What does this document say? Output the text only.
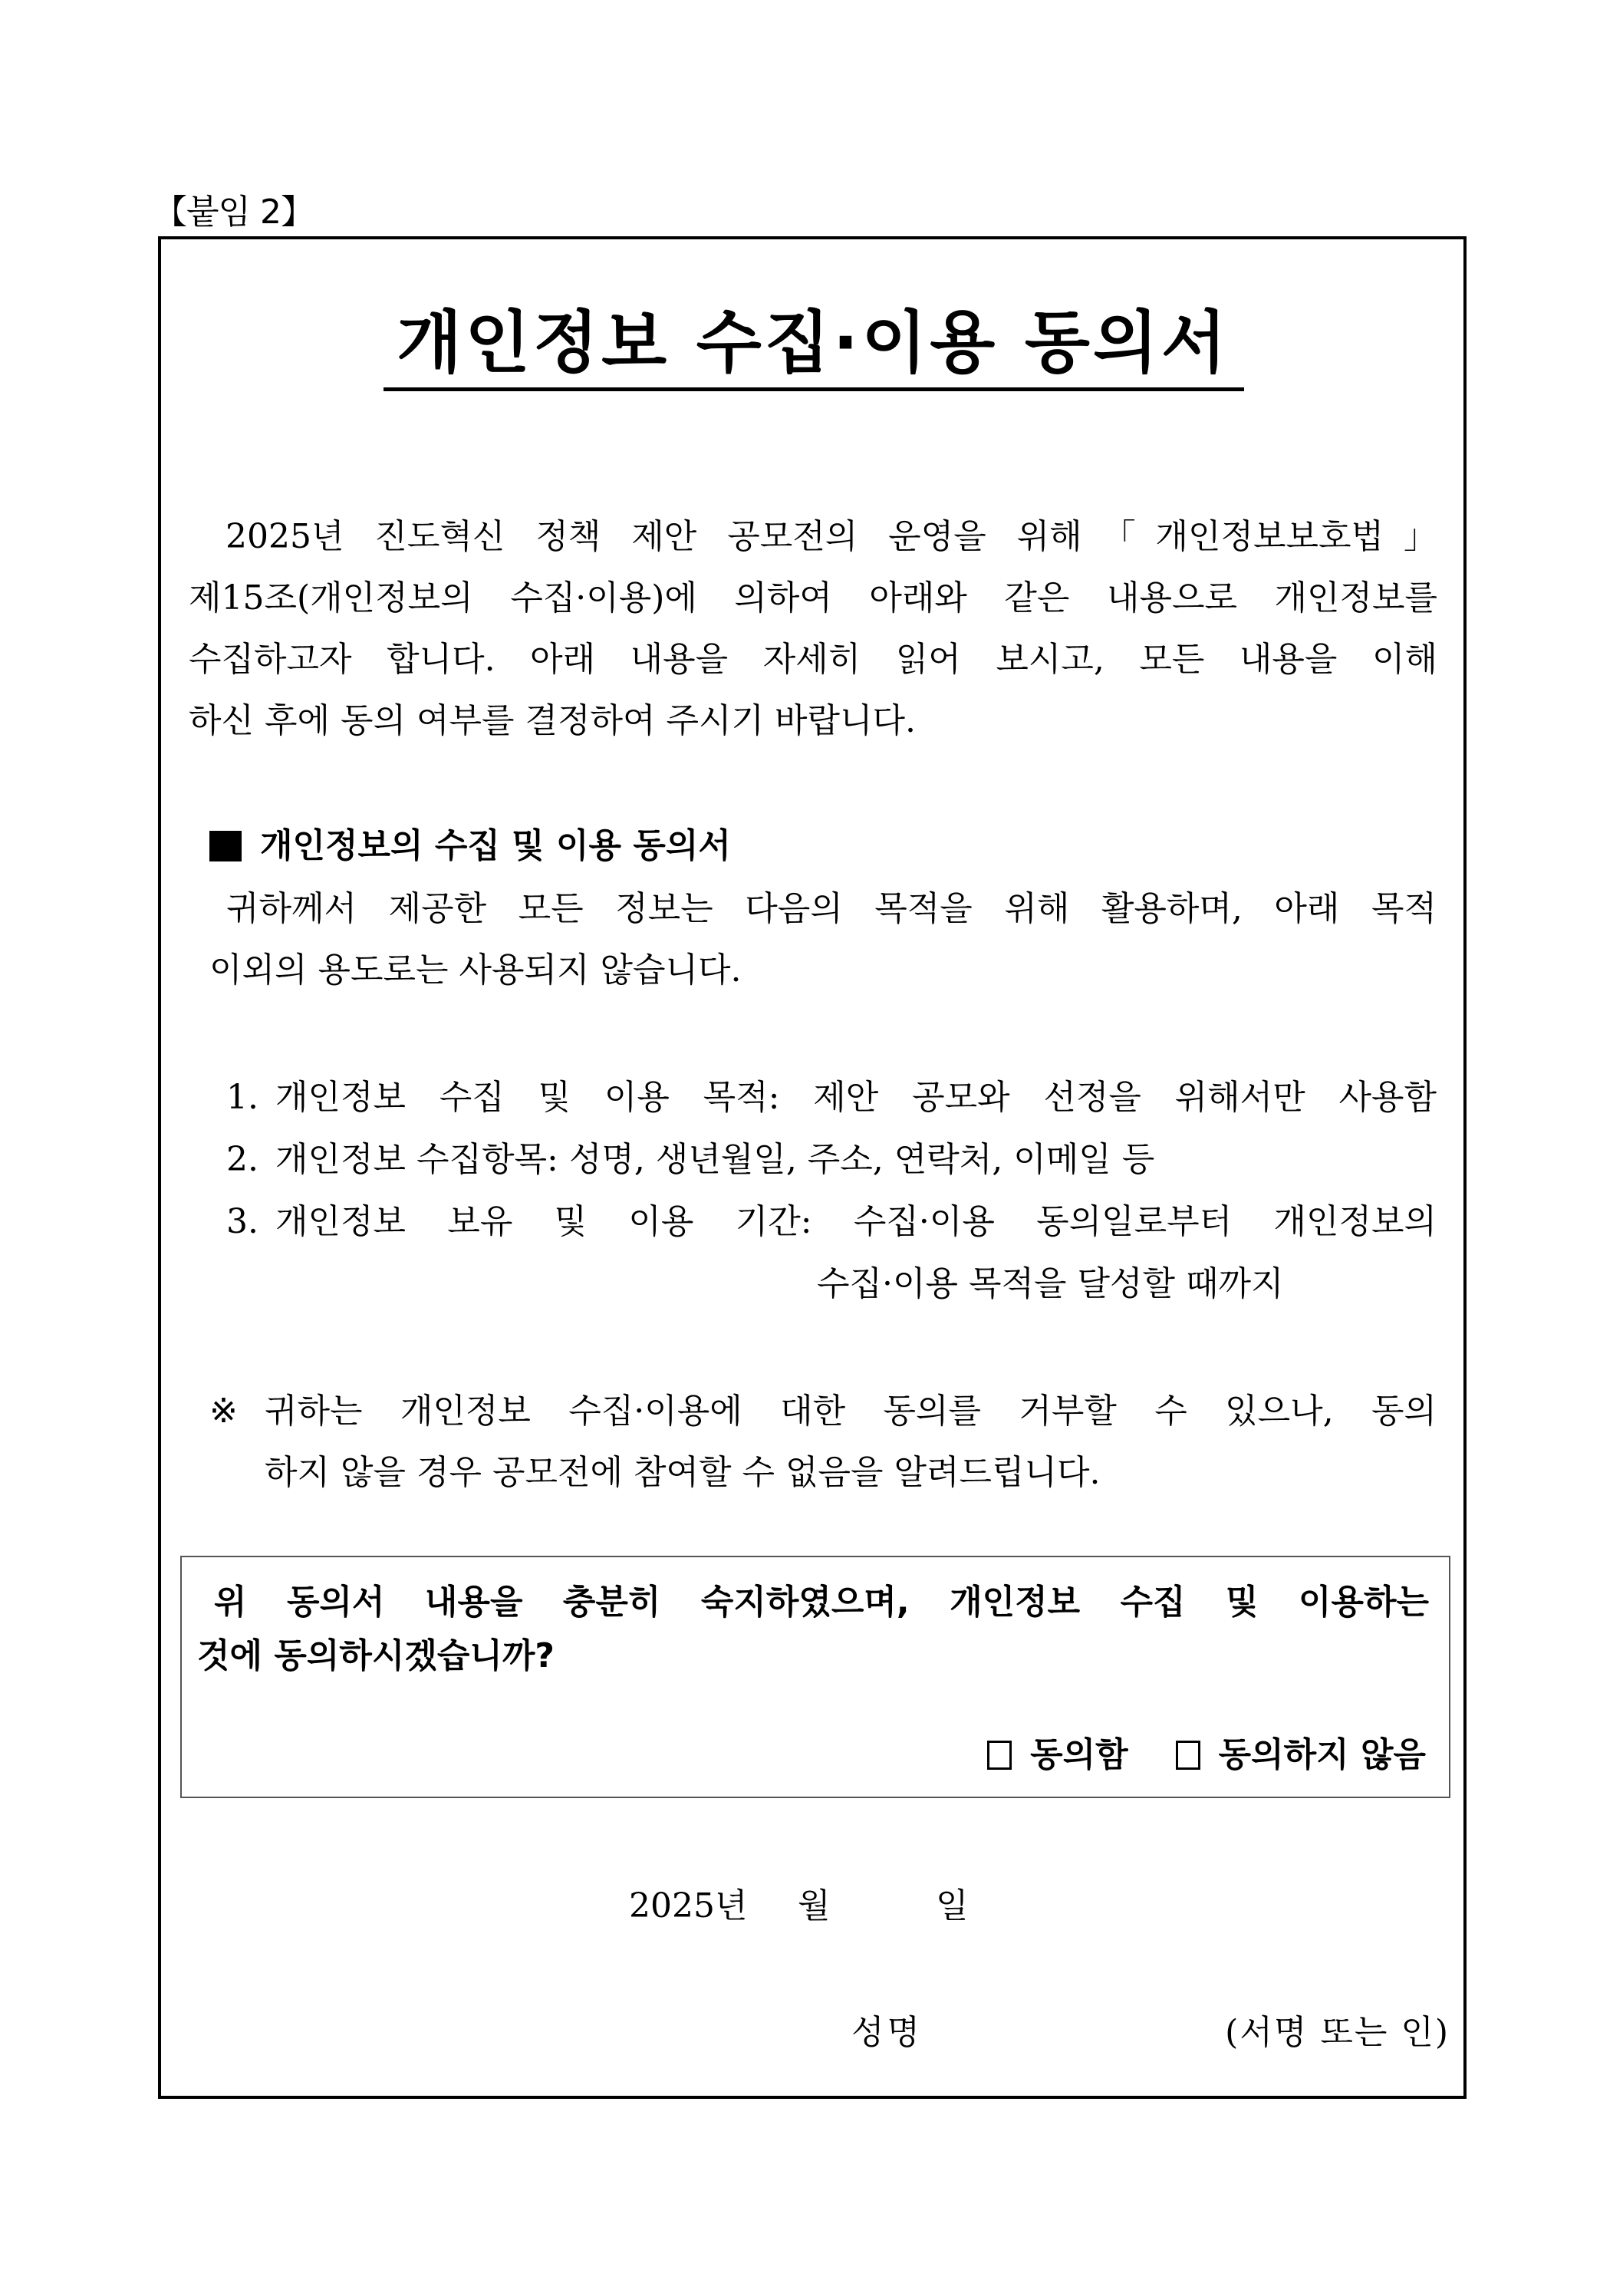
【붙임 2】
개인정보 수집·이용 동의서
2025년 진도혁신 정책 제안 공모전의 운영을 위해「개인정보보호법」
제15조(개인정보의 수집·이용)에 의하여 아래와 같은 내용으로 개인정보를
수집하고자 합니다. 아래 내용을 자세히 읽어 보시고, 모든 내용을 이해
하신 후에 동의 여부를 결정하여 주시기 바랍니다.
개인정보의 수집 및 이용 동의서
귀하께서 제공한 모든 정보는 다음의 목적을 위해 활용하며, 아래 목적
이외의 용도로는 사용되지 않습니다.
1. 개인정보 수집 및 이용 목적: 제안 공모와 선정을 위해서만 사용함
2. 개인정보 수집항목: 성명, 생년월일, 주소, 연락처, 이메일 등
3. 개인정보 보유 및 이용 기간: 수집·이용 동의일로부터 개인정보의
수집·이용 목적을 달성할 때까지
※ 귀하는 개인정보 수집·이용에 대한 동의를 거부할 수 있으나, 동의
하지 않을 경우 공모전에 참여할 수 없음을 알려드립니다.
위 동의서 내용을 충분히 숙지하였으며, 개인정보 수집 및 이용하는
것에 동의하시겠습니까?
동의함	동의하지 않음
2025년 월	일
성명	(서명 또는 인)
